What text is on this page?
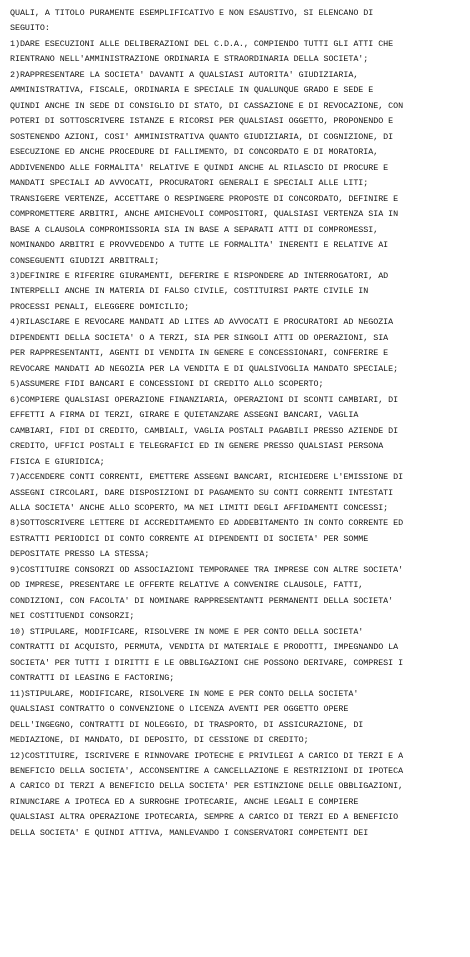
QUALI, A TITOLO PURAMENTE ESEMPLIFICATIVO E NON ESAUSTIVO, SI ELENCANO DI
SEGUITO:
1)DARE ESECUZIONI ALLE DELIBERAZIONI DEL C.D.A., COMPIENDO TUTTI GLI ATTI CHE
RIENTRANO NELL'AMMINISTRAZIONE ORDINARIA E STRAORDINARIA DELLA SOCIETA';
2)RAPPRESENTARE LA SOCIETA' DAVANTI A QUALSIASI AUTORITA' GIUDIZIARIA,
AMMINISTRATIVA, FISCALE, ORDINARIA E SPECIALE IN QUALUNQUE GRADO E SEDE E
QUINDI ANCHE IN SEDE DI CONSIGLIO DI STATO, DI CASSAZIONE E DI REVOCAZIONE, CON
POTERI DI SOTTOSCRIVERE ISTANZE E RICORSI PER QUALSIASI OGGETTO, PROPONENDO E
SOSTENENDO AZIONI, COSI' AMMINISTRATIVA QUANTO GIUDIZIARIA, DI COGNIZIONE, DI
ESECUZIONE ED ANCHE PROCEDURE DI FALLIMENTO, DI CONCORDATO E DI MORATORIA,
ADDIVENENDO ALLE FORMALITA' RELATIVE E QUINDI ANCHE AL RILASCIO DI PROCURE E
MANDATI SPECIALI AD AVVOCATI, PROCURATORI GENERALI E SPECIALI ALLE LITI;
TRANSIGERE VERTENZE, ACCETTARE O RESPINGERE PROPOSTE DI CONCORDATO, DEFINIRE E
COMPROMETTERE ARBITRI, ANCHE AMICHEVOLI COMPOSITORI, QUALSIASI VERTENZA SIA IN
BASE A CLAUSOLA COMPROMISSORIA SIA IN BASE A SEPARATI ATTI DI COMPROMESSI,
NOMINANDO ARBITRI E PROVVEDENDO A TUTTE LE FORMALITA' INERENTI E RELATIVE AI
CONSEGUENTI GIUDIZI ARBITRALI;
3)DEFINIRE E RIFERIRE GIURAMENTI, DEFERIRE E RISPONDERE AD INTERROGATORI, AD
INTERPELLI ANCHE IN MATERIA DI FALSO CIVILE, COSTITUIRSI PARTE CIVILE IN
PROCESSI PENALI, ELEGGERE DOMICILIO;
4)RILASCIARE E REVOCARE MANDATI AD LITES AD AVVOCATI E PROCURATORI AD NEGOZIA
DIPENDENTI DELLA SOCIETA' O A TERZI, SIA PER SINGOLI ATTI OD OPERAZIONI, SIA
PER RAPPRESENTANTI, AGENTI DI VENDITA IN GENERE E CONCESSIONARI, CONFERIRE E
REVOCARE MANDATI AD NEGOZIA PER LA VENDITA E DI QUALSIVOGLIA MANDATO SPECIALE;
5)ASSUMERE FIDI BANCARI E CONCESSIONI DI CREDITO ALLO SCOPERTO;
6)COMPIERE QUALSIASI OPERAZIONE FINANZIARIA, OPERAZIONI DI SCONTI CAMBIARI, DI
EFFETTI A FIRMA DI TERZI, GIRARE E QUIETANZARE ASSEGNI BANCARI, VAGLIA
CAMBIARI, FIDI DI CREDITO, CAMBIALI, VAGLIA POSTALI PAGABILI PRESSO AZIENDE DI
CREDITO, UFFICI POSTALI E TELEGRAFICI ED IN GENERE PRESSO QUALSIASI PERSONA
FISICA E GIURIDICA;
7)ACCENDERE CONTI CORRENTI, EMETTERE ASSEGNI BANCARI, RICHIEDERE L'EMISSIONE DI
ASSEGNI CIRCOLARI, DARE DISPOSIZIONI DI PAGAMENTO SU CONTI CORRENTI INTESTATI
ALLA SOCIETA' ANCHE ALLO SCOPERTO, MA NEI LIMITI DEGLI AFFIDAMENTI CONCESSI;
8)SOTTOSCRIVERE LETTERE DI ACCREDITAMENTO ED ADDEBITAMENTO IN CONTO CORRENTE ED
ESTRATTI PERIODICI DI CONTO CORRENTE AI DIPENDENTI DI SOCIETA' PER SOMME
DEPOSITATE PRESSO LA STESSA;
9)COSTITUIRE CONSORZI OD ASSOCIAZIONI TEMPORANEE TRA IMPRESE CON ALTRE SOCIETA'
OD IMPRESE, PRESENTARE LE OFFERTE RELATIVE A CONVENIRE CLAUSOLE, FATTI,
CONDIZIONI, CON FACOLTA' DI NOMINARE RAPPRESENTANTI PERMANENTI DELLA SOCIETA'
NEI COSTITUENDI CONSORZI;
10) STIPULARE, MODIFICARE, RISOLVERE IN NOME E PER CONTO DELLA SOCIETA'
CONTRATTI DI ACQUISTO, PERMUTA, VENDITA DI MATERIALE E PRODOTTI, IMPEGNANDO LA
SOCIETA' PER TUTTI I DIRITTI E LE OBBLIGAZIONI CHE POSSONO DERIVARE, COMPRESI I
CONTRATTI DI LEASING E FACTORING;
11)STIPULARE, MODIFICARE, RISOLVERE IN NOME E PER CONTO DELLA SOCIETA'
QUALSIASI CONTRATTO O CONVENZIONE O LICENZA AVENTI PER OGGETTO OPERE
DELL'INGEGNO, CONTRATTI DI NOLEGGIO, DI TRASPORTO, DI ASSICURAZIONE, DI
MEDIAZIONE, DI MANDATO, DI DEPOSITO, DI CESSIONE DI CREDITO;
12)COSTITUIRE, ISCRIVERE E RINNOVARE IPOTECHE E PRIVILEGI A CARICO DI TERZI E A
BENEFICIO DELLA SOCIETA', ACCONSENTIRE A CANCELLAZIONE E RESTRIZIONI DI IPOTECA
A CARICO DI TERZI A BENEFICIO DELLA SOCIETA' PER ESTINZIONE DELLE OBBLIGAZIONI,
RINUNCIARE A IPOTECA ED A SURROGHE IPOTECARIE, ANCHE LEGALI E COMPIERE
QUALSIASI ALTRA OPERAZIONE IPOTECARIA, SEMPRE A CARICO DI TERZI ED A BENEFICIO
DELLA SOCIETA' E QUINDI ATTIVA, MANLEVANDO I CONSERVATORI COMPETENTI DEI
